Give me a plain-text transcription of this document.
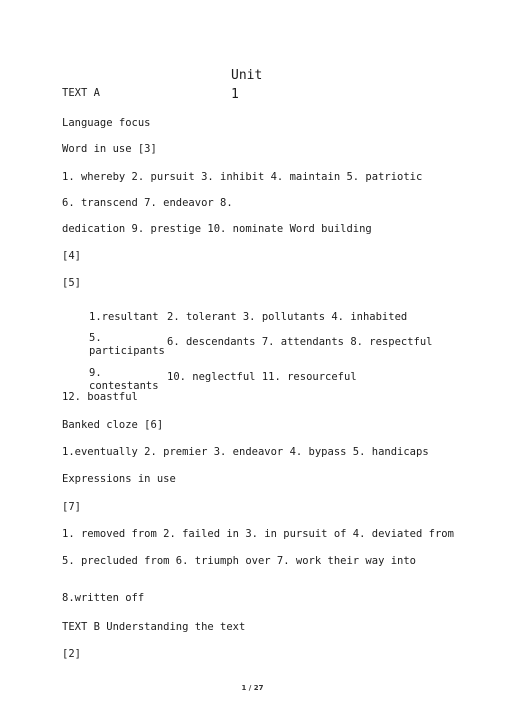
Unit
1
TEXT A
Language focus
Word in use [3]
1. whereby 2. pursuit 3. inhibit 4. maintain 5. patriotic
6. transcend 7. endeavor 8.
dedication 9. prestige 10. nominate Word building
[4]
[5]
1.resultant	2. tolerant 3. pollutants 4. inhabited
5.
participants	6. descendants 7. attendants 8. respectful
9.
contestants	10. neglectful 11. resourceful
12. boastful
Banked cloze [6]
1.eventually 2. premier 3. endeavor 4. bypass 5. handicaps
Expressions in use
[7]
1. removed from 2. failed in 3. in pursuit of 4. deviated from
5. precluded from 6. triumph over 7. work their way into
8.written off
TEXT B Understanding the text
[2]
1 / 27
